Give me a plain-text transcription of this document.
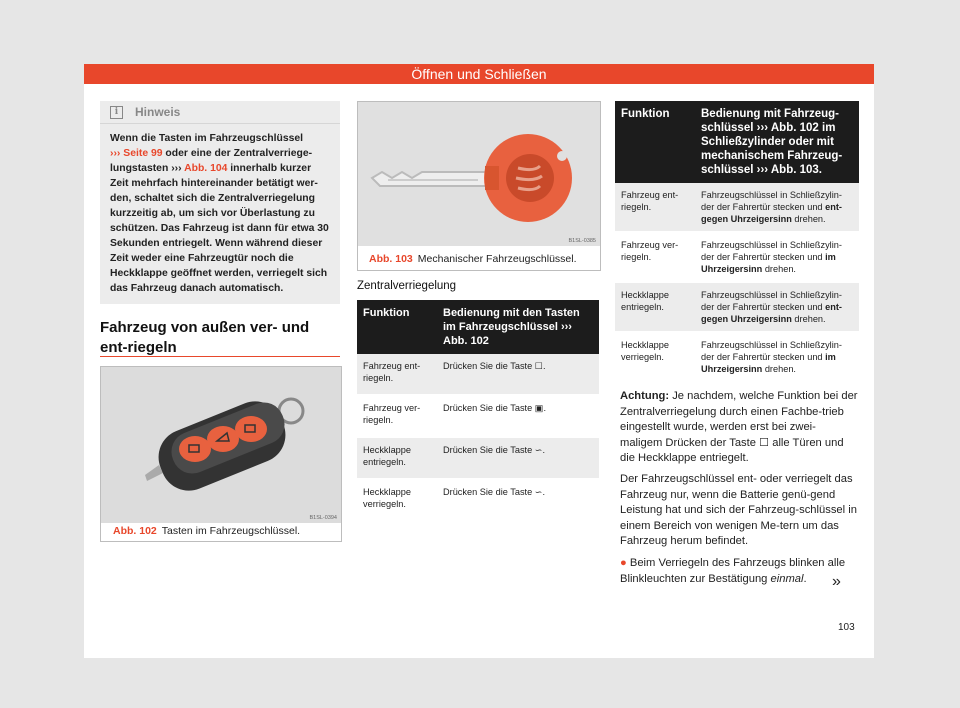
Öffnen und Schließen
i	Hinweis
Wenn die Tasten im Fahrzeugschlüssel
››› Seite 99 oder eine der Zentralverriege-lungstasten ››› Abb. 104 innerhalb kurzer Zeit mehrfach hintereinander betätigt wer-den, schaltet sich die Zentralverriegelung kurzzeitig ab, um sich vor Überlastung zu schützen. Das Fahrzeug ist dann für etwa 30 Sekunden entriegelt. Wenn während dieser Zeit weder eine Fahrzeugtür noch die Heckklappe geöffnet werden, verriegelt sich das Fahrzeug danach automatisch.
Fahrzeug von außen ver- und ent-riegeln
B1SL-0394
Abb. 102 Tasten im Fahrzeugschlüssel.
B1SL-0385
Abb. 103 Mechanischer Fahrzeugschlüssel.
Zentralverriegelung
Funktion	Bedienung mit den Tasten im Fahrzeugschlüssel ››› Abb. 102
Fahrzeug ent-riegeln.	Drücken Sie die Taste ☐.
Fahrzeug ver-riegeln.	Drücken Sie die Taste ▣.
Heckklappe entriegeln.	Drücken Sie die Taste ∽.
Heckklappe verriegeln.	Drücken Sie die Taste ∽.
Funktion	Bedienung mit Fahrzeug-schlüssel ››› Abb. 102 im Schließzylinder oder mit mechanischem Fahrzeug-schlüssel ››› Abb. 103.
Fahrzeug ent-riegeln.	Fahrzeugschlüssel in Schließzylin-der der Fahrertür stecken und ent-gegen Uhrzeigersinn drehen.
Fahrzeug ver-riegeln.	Fahrzeugschlüssel in Schließzylin-der der Fahrertür stecken und im Uhrzeigersinn drehen.
Heckklappe entriegeln.	Fahrzeugschlüssel in Schließzylin-der der Fahrertür stecken und ent-gegen Uhrzeigersinn drehen.
Heckklappe verriegeln.	Fahrzeugschlüssel in Schließzylin-der der Fahrertür stecken und im Uhrzeigersinn drehen.
Achtung: Je nachdem, welche Funktion bei der Zentralverriegelung durch einen Fachbe-trieb eingestellt wurde, werden erst bei zwei-maligem Drücken der Taste ☐ alle Türen und die Heckklappe entriegelt.
Der Fahrzeugschlüssel ent- oder verriegelt das Fahrzeug nur, wenn die Batterie genü-gend Leistung hat und sich der Fahrzeug-schlüssel in einem Bereich von wenigen Me-tern um das Fahrzeug herum befindet.
● Beim Verriegeln des Fahrzeugs blinken alle Blinkleuchten zur Bestätigung einmal.	»
103
